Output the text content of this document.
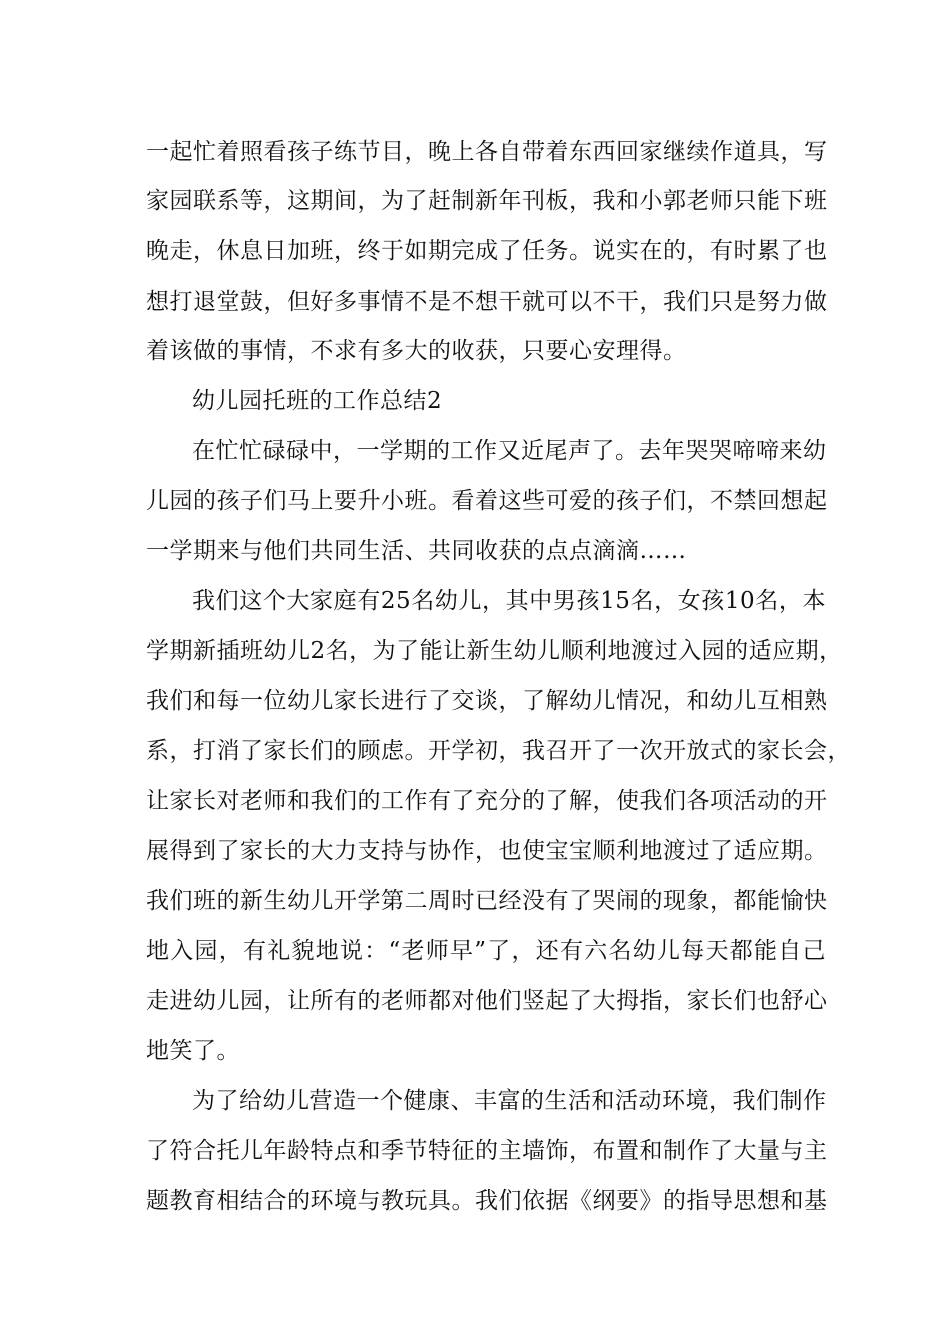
一起忙着照看孩子练节目，晚上各自带着东西回家继续作道具，写
家园联系等，这期间，为了赶制新年刊板，我和小郭老师只能下班
晚走，休息日加班，终于如期完成了任务。说实在的，有时累了也
想打退堂鼓，但好多事情不是不想干就可以不干，我们只是努力做
着该做的事情，不求有多大的收获，只要心安理得。
幼儿园托班的工作总结2
在忙忙碌碌中，一学期的工作又近尾声了。去年哭哭啼啼来幼
儿园的孩子们马上要升小班。看着这些可爱的孩子们，不禁回想起
一学期来与他们共同生活、共同收获的点点滴滴……
我们这个大家庭有25名幼儿，其中男孩15名，女孩10名，本
学期新插班幼儿2名，为了能让新生幼儿顺利地渡过入园的适应期，
我们和每一位幼儿家长进行了交谈，了解幼儿情况，和幼儿互相熟
系，打消了家长们的顾虑。开学初，我召开了一次开放式的家长会，
让家长对老师和我们的工作有了充分的了解，使我们各项活动的开
展得到了家长的大力支持与协作，也使宝宝顺利地渡过了适应期。
我们班的新生幼儿开学第二周时已经没有了哭闹的现象，都能愉快
地入园，有礼貌地说：“老师早”了，还有六名幼儿每天都能自己
走进幼儿园，让所有的老师都对他们竖起了大拇指，家长们也舒心
地笑了。
为了给幼儿营造一个健康、丰富的生活和活动环境，我们制作
了符合托儿年龄特点和季节特征的主墙饰，布置和制作了大量与主
题教育相结合的环境与教玩具。我们依据《纲要》的指导思想和基
